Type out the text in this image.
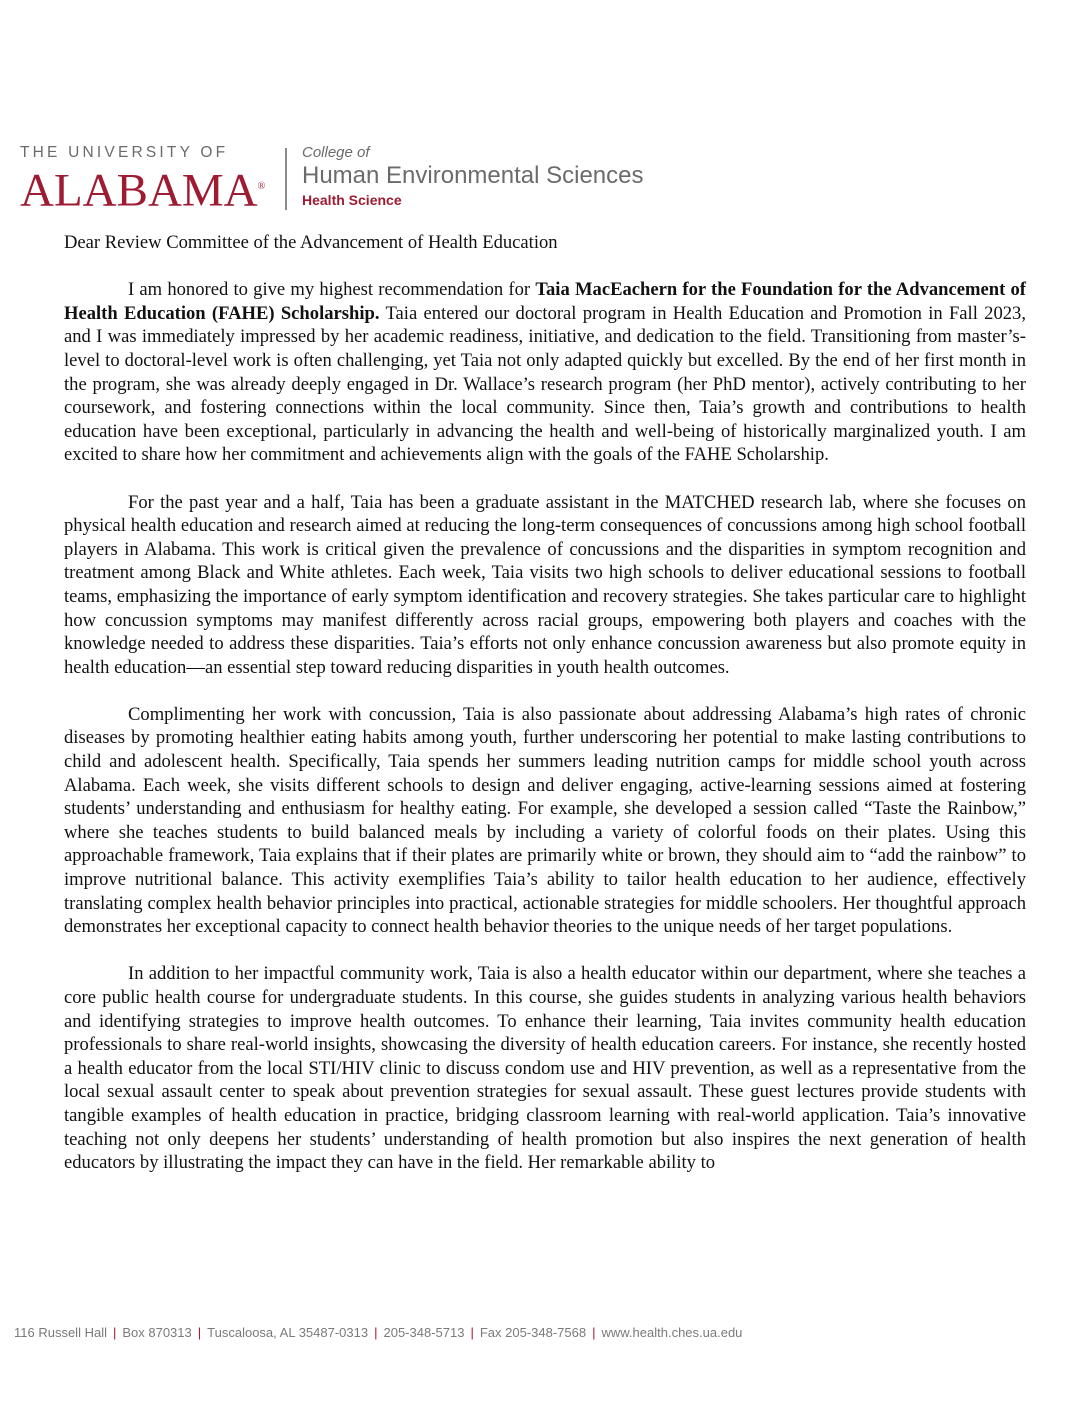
THE UNIVERSITY OF
ALABAMA®
College of
Human Environmental Sciences
Health Science

Dear Review Committee of the Advancement of Health Education

I am honored to give my highest recommendation for Taia MacEachern for the Foundation for the Advancement of Health Education (FAHE) Scholarship. Taia entered our doctoral program in Health Education and Promotion in Fall 2023, and I was immediately impressed by her academic readiness, initiative, and dedication to the field. Transitioning from master’s-level to doctoral-level work is often challenging, yet Taia not only adapted quickly but excelled. By the end of her first month in the program, she was already deeply engaged in Dr. Wallace’s research program (her PhD mentor), actively contributing to her coursework, and fostering connections within the local community. Since then, Taia’s growth and contributions to health education have been exceptional, particularly in advancing the health and well-being of historically marginalized youth. I am excited to share how her commitment and achievements align with the goals of the FAHE Scholarship.

For the past year and a half, Taia has been a graduate assistant in the MATCHED research lab, where she focuses on physical health education and research aimed at reducing the long-term consequences of concussions among high school football players in Alabama. This work is critical given the prevalence of concussions and the disparities in symptom recognition and treatment among Black and White athletes. Each week, Taia visits two high schools to deliver educational sessions to football teams, emphasizing the importance of early symptom identification and recovery strategies. She takes particular care to highlight how concussion symptoms may manifest differently across racial groups, empowering both players and coaches with the knowledge needed to address these disparities. Taia’s efforts not only enhance concussion awareness but also promote equity in health education—an essential step toward reducing disparities in youth health outcomes.

Complimenting her work with concussion, Taia is also passionate about addressing Alabama’s high rates of chronic diseases by promoting healthier eating habits among youth, further underscoring her potential to make lasting contributions to child and adolescent health. Specifically, Taia spends her summers leading nutrition camps for middle school youth across Alabama. Each week, she visits different schools to design and deliver engaging, active-learning sessions aimed at fostering students’ understanding and enthusiasm for healthy eating. For example, she developed a session called “Taste the Rainbow,” where she teaches students to build balanced meals by including a variety of colorful foods on their plates. Using this approachable framework, Taia explains that if their plates are primarily white or brown, they should aim to “add the rainbow” to improve nutritional balance. This activity exemplifies Taia’s ability to tailor health education to her audience, effectively translating complex health behavior principles into practical, actionable strategies for middle schoolers. Her thoughtful approach demonstrates her exceptional capacity to connect health behavior theories to the unique needs of her target populations.

In addition to her impactful community work, Taia is also a health educator within our department, where she teaches a core public health course for undergraduate students. In this course, she guides students in analyzing various health behaviors and identifying strategies to improve health outcomes. To enhance their learning, Taia invites community health education professionals to share real-world insights, showcasing the diversity of health education careers. For instance, she recently hosted a health educator from the local STI/HIV clinic to discuss condom use and HIV prevention, as well as a representative from the local sexual assault center to speak about prevention strategies for sexual assault. These guest lectures provide students with tangible examples of health education in practice, bridging classroom learning with real-world application. Taia’s innovative teaching not only deepens her students’ understanding of health promotion but also inspires the next generation of health educators by illustrating the impact they can have in the field. Her remarkable ability to

116 Russell Hall | Box 870313 | Tuscaloosa, AL 35487-0313 | 205-348-5713 | Fax 205-348-7568 | www.health.ches.ua.edu
